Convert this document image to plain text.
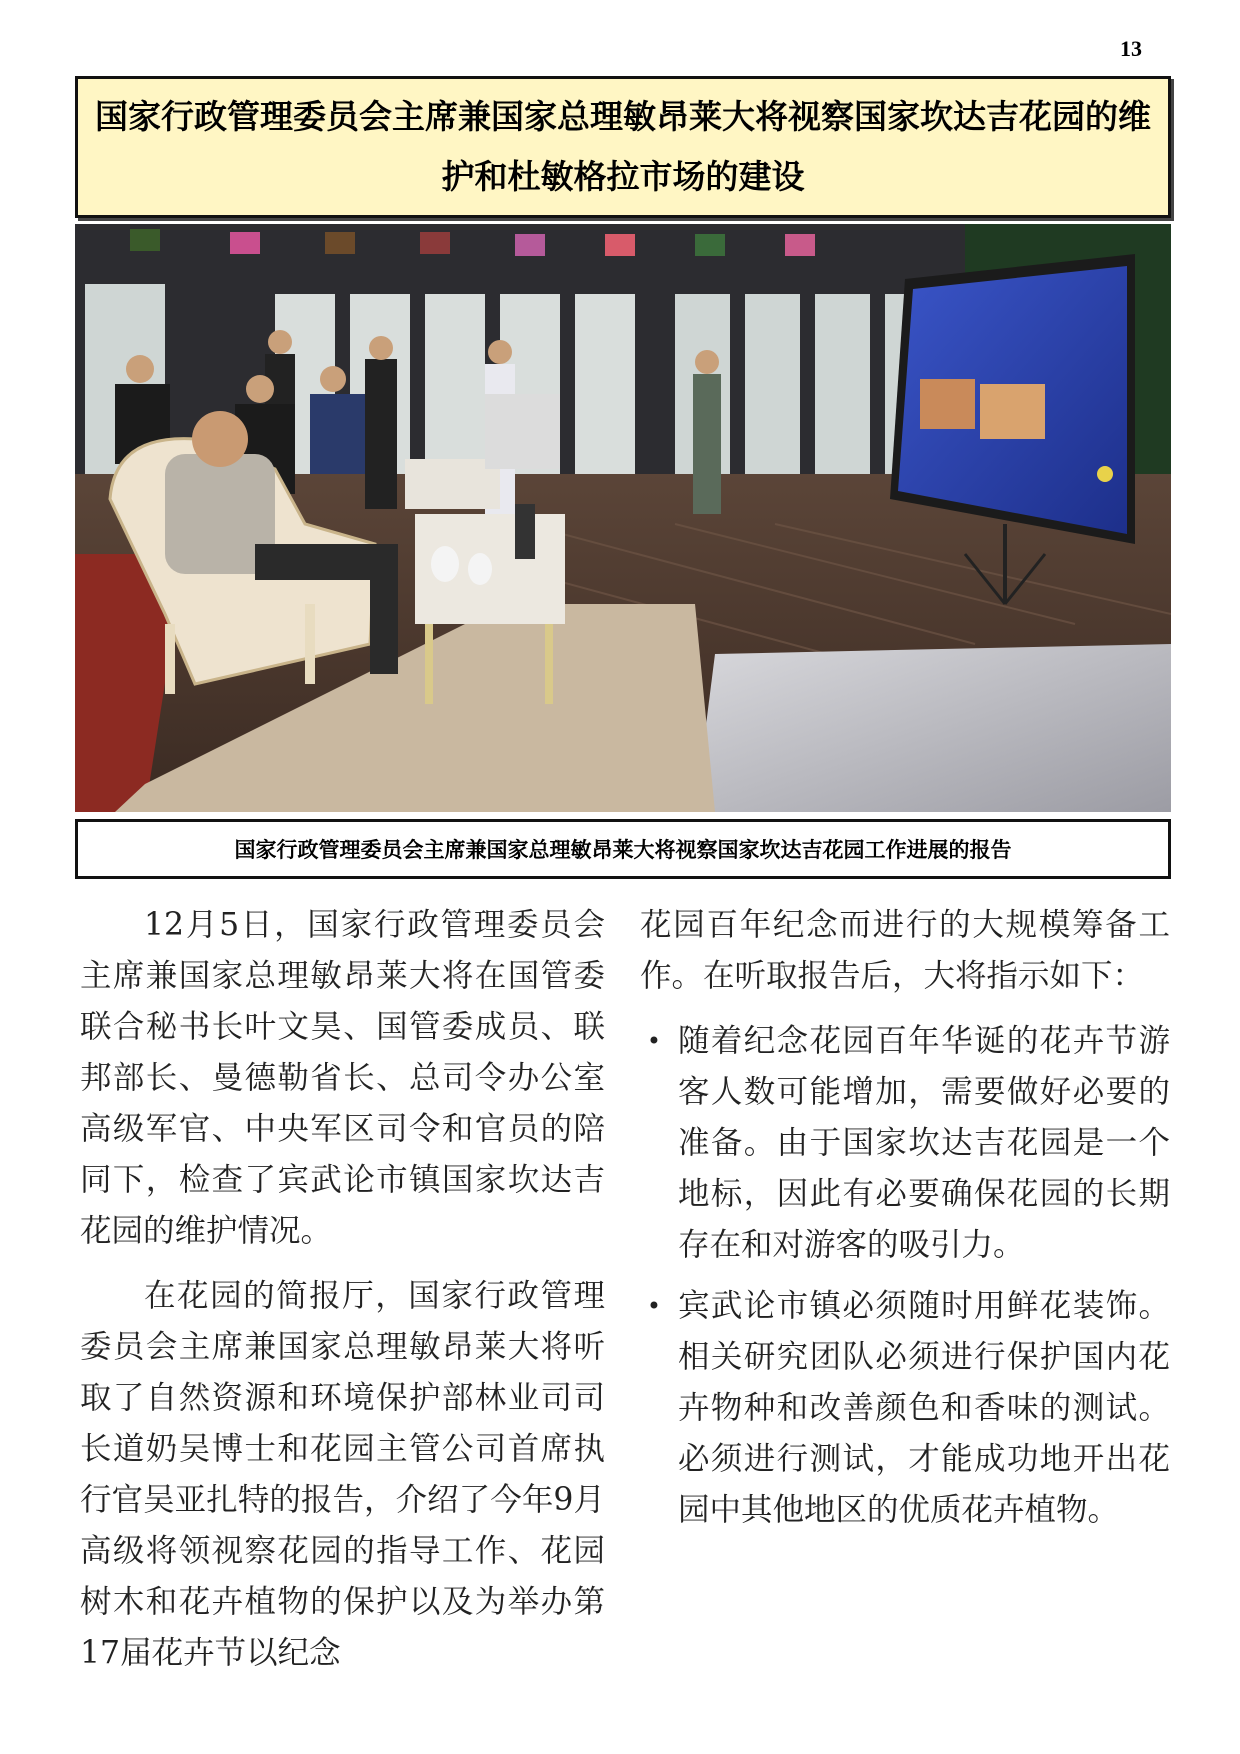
13
国家行政管理委员会主席兼国家总理敏昂莱大将视察国家坎达吉花园的维护和杜敏格拉市场的建设
国家行政管理委员会主席兼国家总理敏昂莱大将视察国家坎达吉花园工作进展的报告

12月5日，国家行政管理委员会主席兼国家总理敏昂莱大将在国管委联合秘书长叶文昊、国管委成员、联邦部长、曼德勒省长、总司令办公室高级军官、中央军区司令和官员的陪同下，检查了宾武论市镇国家坎达吉花园的维护情况。

在花园的简报厅，国家行政管理委员会主席兼国家总理敏昂莱大将听取了自然资源和环境保护部林业司司长道奶吴博士和花园主管公司首席执行官吴亚扎特的报告，介绍了今年9月高级将领视察花园的指导工作、花园树木和花卉植物的保护以及为举办第17届花卉节以纪念

花园百年纪念而进行的大规模筹备工作。在听取报告后，大将指示如下：

• 随着纪念花园百年华诞的花卉节游客人数可能增加，需要做好必要的准备。由于国家坎达吉花园是一个地标，因此有必要确保花园的长期存在和对游客的吸引力。
• 宾武论市镇必须随时用鲜花装饰。相关研究团队必须进行保护国内花卉物种和改善颜色和香味的测试。必须进行测试，才能成功地开出花园中其他地区的优质花卉植物。
